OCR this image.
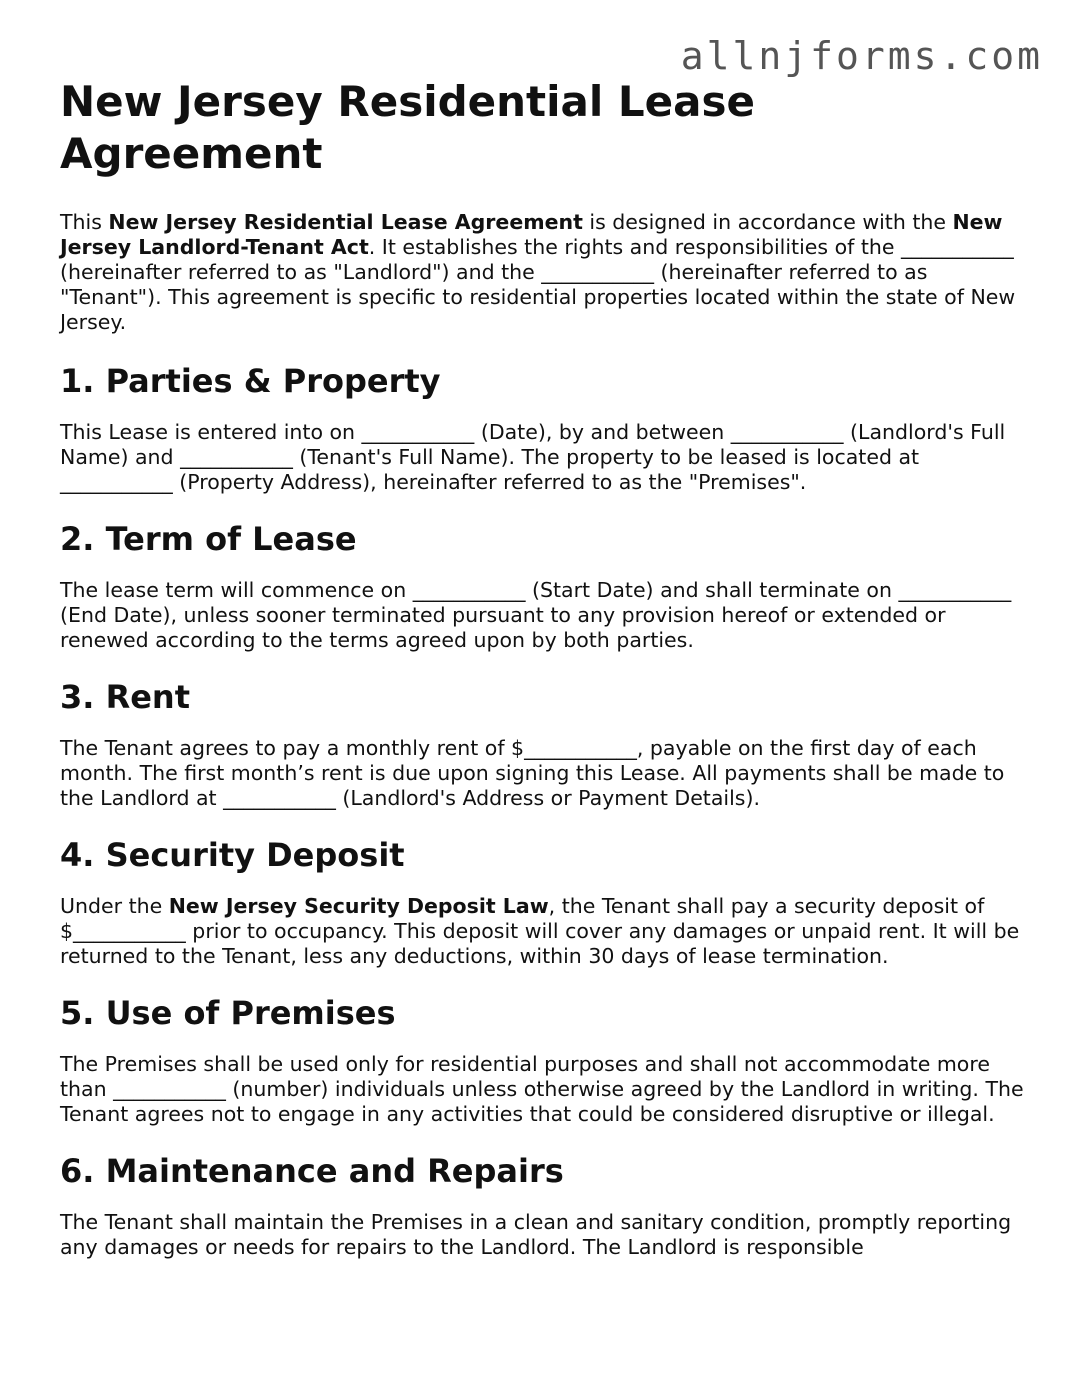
allnjforms.com
New Jersey Residential Lease Agreement

This New Jersey Residential Lease Agreement is designed in accordance with the New Jersey Landlord-Tenant Act. It establishes the rights and responsibilities of the ___________ (hereinafter referred to as "Landlord") and the ___________ (hereinafter referred to as "Tenant"). This agreement is specific to residential properties located within the state of New Jersey.

1. Parties & Property

This Lease is entered into on ___________ (Date), by and between ___________ (Landlord's Full Name) and ___________ (Tenant's Full Name). The property to be leased is located at ___________ (Property Address), hereinafter referred to as the "Premises".

2. Term of Lease

The lease term will commence on ___________ (Start Date) and shall terminate on ___________ (End Date), unless sooner terminated pursuant to any provision hereof or extended or renewed according to the terms agreed upon by both parties.

3. Rent

The Tenant agrees to pay a monthly rent of $___________, payable on the first day of each month. The first month’s rent is due upon signing this Lease. All payments shall be made to the Landlord at ___________ (Landlord's Address or Payment Details).

4. Security Deposit

Under the New Jersey Security Deposit Law, the Tenant shall pay a security deposit of $___________ prior to occupancy. This deposit will cover any damages or unpaid rent. It will be returned to the Tenant, less any deductions, within 30 days of lease termination.

5. Use of Premises

The Premises shall be used only for residential purposes and shall not accommodate more than ___________ (number) individuals unless otherwise agreed by the Landlord in writing. The Tenant agrees not to engage in any activities that could be considered disruptive or illegal.

6. Maintenance and Repairs

The Tenant shall maintain the Premises in a clean and sanitary condition, promptly reporting any damages or needs for repairs to the Landlord. The Landlord is responsible
